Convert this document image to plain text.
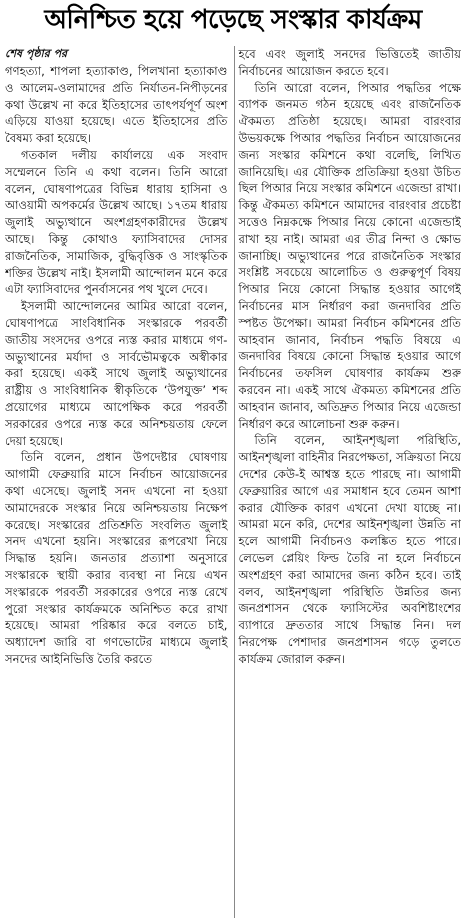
অনিশ্চিত হয়ে পড়েছে সংস্কার কার্যক্রম
শেষ পৃষ্ঠার পর

গণহত্যা, শাপলা হত্যাকাণ্ড, পিলখানা হত্যাকাণ্ড ও আলেম-ওলামাদের প্রতি নির্যাতন-নিপীড়নের কথা উল্লেখ না করে ইতিহাসের তাৎপর্যপূর্ণ অংশ এড়িয়ে যাওয়া হয়েছে। এতে ইতিহাসের প্রতি বৈষম্য করা হয়েছে।

গতকাল দলীয় কার্যালয়ে এক সংবাদ সম্মেলনে তিনি এ কথা বলেন। তিনি আরো বলেন, ঘোষণাপত্রের বিভিন্ন ধারায় হাসিনা ও আওয়ামী অপকর্মের উল্লেখ আছে। ১৭তম ধারায় জুলাই অভ্যুত্থানে অংশগ্রহণকারীদের উল্লেখ আছে। কিন্তু কোথাও ফ্যাসিবাদের দোসর রাজনৈতিক, সামাজিক, বুদ্ধিবৃত্তিক ও সাংস্কৃতিক শক্তির উল্লেখ নাই। ইসলামী আন্দোলন মনে করে এটা ফ্যাসিবাদের পুনর্বাসনের পথ খুলে দেবে।

ইসলামী আন্দোলনের আমির আরো বলেন, ঘোষণাপত্রে সাংবিধানিক সংস্কারকে পরবর্তী জাতীয় সংসদের ওপরে ন্যস্ত করার মাধ্যমে গণ-অভ্যুত্থানের মর্যাদা ও সার্বভৌমত্বকে অস্বীকার করা হয়েছে। একই সাথে জুলাই অভ্যুত্থানের রাষ্ট্রীয় ও সাংবিধানিক স্বীকৃতিকে ‘উপযুক্ত’ শব্দ প্রয়োগের মাধ্যমে আপেক্ষিক করে পরবর্তী সরকারের ওপরে ন্যস্ত করে অনিশ্চয়তায় ফেলে দেয়া হয়েছে।

তিনি বলেন, প্রধান উপদেষ্টার ঘোষণায় আগামী ফেব্রুয়ারি মাসে নির্বাচন আয়োজনের কথা এসেছে। জুলাই সনদ এখনো না হওয়া আমাদেরকে সংস্কার নিয়ে অনিশ্চয়তায় নিক্ষেপ করেছে। সংস্কারের প্রতিশ্রুতি সংবলিত জুলাই সনদ এখনো হয়নি। সংস্কারের রূপরেখা নিয়ে সিদ্ধান্ত হয়নি। জনতার প্রত্যাশা অনুসারে সংস্কারকে স্থায়ী করার ব্যবস্থা না নিয়ে এখন সংস্কারকে পরবর্তী সরকারের ওপরে ন্যস্ত রেখে পুরো সংস্কার কার্যক্রমকে অনিশ্চিত করে রাখা হয়েছে। আমরা পরিষ্কার করে বলতে চাই, অধ্যাদেশ জারি বা গণভোটের মাধ্যমে জুলাই সনদের আইনিভিত্তি তৈরি করতে

হবে এবং জুলাই সনদের ভিত্তিতেই জাতীয় নির্বাচনের আয়োজন করতে হবে।

তিনি আরো বলেন, পিআর পদ্ধতির পক্ষে ব্যাপক জনমত গঠন হয়েছে এবং রাজনৈতিক ঐকমত্য প্রতিষ্ঠা হয়েছে। আমরা বারংবার উভয়কক্ষে পিআর পদ্ধতির নির্বাচন আয়োজনের জন্য সংস্কার কমিশনে কথা বলেছি, লিখিত জানিয়েছি। এর যৌক্তিক প্রতিক্রিয়া হওয়া উচিত ছিল পিআর নিয়ে সংস্কার কমিশনে এজেন্ডা রাখা। কিন্তু ঐকমত্য কমিশনে আমাদের বারংবার প্রচেষ্টা সত্তেও নিম্নকক্ষে পিআর নিয়ে কোনো এজেন্ডাই রাখা হয় নাই। আমরা এর তীব্র নিন্দা ও ক্ষোভ জানাচ্ছি। অভ্যুত্থানের পরে রাজনৈতিক সংস্কার সংশ্লিষ্ট সবচেয়ে আলোচিত ও গুরুত্বপূর্ণ বিষয় পিআর নিয়ে কোনো সিদ্ধান্ত হওয়ার আগেই নির্বাচনের মাস নির্ধারণ করা জনদাবির প্রতি স্পষ্টত উপেক্ষা। আমরা নির্বাচন কমিশনের প্রতি আহবান জানাব, নির্বাচন পদ্ধতি বিষয়ে এ জনদাবির বিষয়ে কোনো সিদ্ধান্ত হওয়ার আগে নির্বাচনের তফসিল ঘোষণার কার্যক্রম শুরু করবেন না। একই সাথে ঐকমত্য কমিশনের প্রতি আহবান জানাব, অতিদ্রুত পিআর নিয়ে এজেন্ডা নির্ধারণ করে আলোচনা শুরু করুন।

তিনি বলেন, আইনশৃঙ্খলা পরিস্থিতি, আইনশৃঙ্খলা বাহিনীর নিরপেক্ষতা, সক্রিয়তা নিয়ে দেশের কেউ-ই আশ্বস্ত হতে পারছে না। আগামী ফেব্রুয়ারির আগে এর সমাধান হবে তেমন আশা করার যৌক্তিক কারণ এখনো দেখা যাচ্ছে না। আমরা মনে করি, দেশের আইনশৃঙ্খলা উন্নতি না হলে আগামী নির্বাচনও কলঙ্কিত হতে পারে। লেভেল প্লেয়িং ফিল্ড তৈরি না হলে নির্বাচনে অংশগ্রহণ করা আমাদের জন্য কঠিন হবে। তাই বলব, আইনশৃঙ্খলা পরিস্থিতি উন্নতির জন্য জনপ্রশাসন থেকে ফ্যাসিস্টের অবশিষ্টাংশের ব্যাপারে দ্রুততার সাথে সিদ্ধান্ত নিন। দল নিরপেক্ষ পেশাদার জনপ্রশাসন গড়ে তুলতে কার্যক্রম জোরাল করুন।
